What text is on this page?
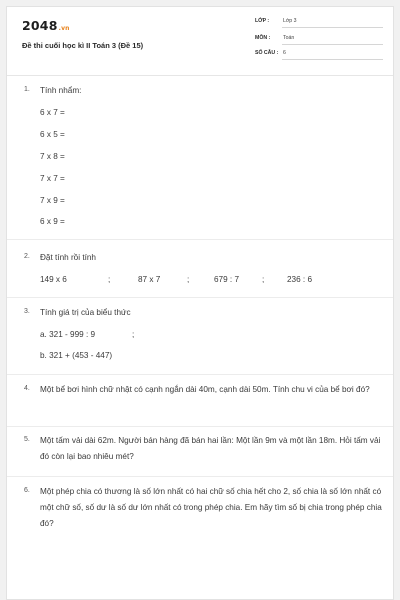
2048.vn
Đề thi cuối học kì II Toán 3 (Đề 15)
LỚP :	Lớp 3
MÔN : Toán
SỐ CÂU : 6
1. Tính nhẩm:
6 x 7 =
6 x 5 =
7 x 8 =
7 x 7 =
7 x 9 =
6 x 9 =
2. Đặt tính rồi tính
149 x 6	;	87 x 7	;	679 : 7	;	236 : 6
3. Tính giá trị của biểu thức
a. 321 - 999 : 9	;
b. 321 + (453 - 447)
4. Một bể bơi hình chữ nhật có cạnh ngắn dài 40m, cạnh dài 50m. Tính chu vi của bể bơi đó?
5. Một tấm vải dài 62m. Người bán hàng đã bán hai lần: Một lần 9m và một lần 18m. Hỏi tấm vải đó còn lại bao nhiêu mét?
6. Một phép chia có thương là số lớn nhất có hai chữ số chia hết cho 2, số chia là số lớn nhất có một chữ số, số dư là số dư lớn nhất có trong phép chia. Em hãy tìm số bị chia trong phép chia đó?
